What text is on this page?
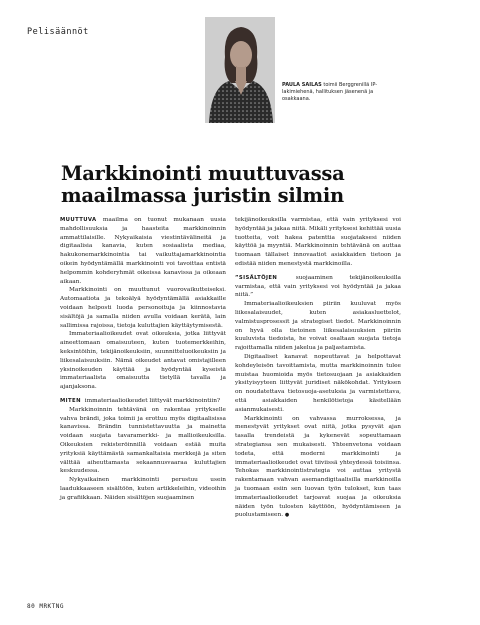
Pelisäännöt
PAULA SAILAS toimii Berggrenillä IP-lakimiehenä, hallituksen jäsenenä ja osakkaana.
Markkinointi muuttuvassa maailmassa juristin silmin

MUUTTUVA maailma on tuonut mukanaan uusia mahdollisuuksia ja haasteita markkinoinnin ammattilaisille. Nykyaikaisia viestintävälineitä ja digitaalisia kanavia, kuten sosiaalista mediaa, hakukonemarkkinointia tai vaikuttajamarkkinointia oikein hyödyntämällä markkinointi voi tavoittaa entistä helpommin kohderyhmät oikeissa kanavissa ja oikeaan aikaan.

Markkinointi on muuttunut vuorovaikutteiseksi. Automaatiota ja tekoälyä hyödyntämällä asiakkaille voidaan helposti luoda personoituja ja kiinnostavia sisältöjä ja samalla niiden avulla voidaan kerätä, lain sallimissa rajoissa, tietoja kuluttajien käyttäytymisestä.

Immateriaalioikeudet ovat oikeuksia, jotka liittyvät aineettomaan omaisuuteen, kuten tuotemerkkeihin, keksintöihin, tekijänoikeuksiin, suunnitteluoikeuksiin ja liikesalaisuuksiin. Nämä oikeudet antavat omistajilleen yksinoikeuden käyttää ja hyödyntää kyseistä immateriaalista omaisuutta tietyllä tavalla ja ajanjaksona.

MITEN immateriaalioikeudet liittyvät markkinointiin?

Markkinoinnin tehtävänä on rakentaa yritykselle vahva brändi, joka toimii ja erottuu myös digitaalisissa kanavissa. Brändin tunnistettavuutta ja mainetta voidaan suojata tavaramerkki- ja mallioikeuksilla. Oikeuksien rekisteröinnillä voidaan estää muita yrityksiä käyttämästä samankaltaisia merkkejä ja siten välttää aiheuttamasta sekaannusvaaraa kuluttajien keskuudessa.

Nykyaikainen markkinointi perustuu usein laadukkaaseen sisältöön, kuten artikkeleihin, videoihin ja grafiikkaan. Näiden sisältöjen suojaaminen

tekijänoikeuksilla varmistaa, että vain yrityksesi voi hyödyntää ja jakaa niitä. Mikäli yrityksesi kehittää uusia tuotteita, voit hakea patenttia suojataksesi niiden käyttöä ja myyntiä. Markkinoinnin tehtävänä on auttaa tuomaan tällaiset innovaatiot asiakkaiden tietoon ja edistää niiden menestystä markkinoilla.

”SISÄLTÖJEN	suojaaminen tekijänoikeuksilla varmistaa, että vain yrityksesi voi hyödyntää ja jakaa niitä.”

Immateriaalioikeuksien piiriin kuuluvat myös liikesalaisuudet, kuten asiakasluettelot, valmistusprosessit ja strategiset tiedot. Markkinoinnin on hyvä olla tietoinen liikesalaisuuksien piiriin kuuluvista tiedoista, he voivat osaltaan suojata tietoja rajoittamalla niiden jakelua ja paljastamista.

Digitaaliset kanavat nopeuttavat ja helpottavat kohdeyleisön tavoittamista, mutta markkinoinnin tulee muistaa huomioida myös tietosuojaan ja asiakkaiden yksityisyyteen liittyvät juridiset näkökohdat. Yrityksen on noudatettava tietosuoja-asetuksia ja varmistettava, että asiakkaiden henkilötietoja käsitellään asianmukaisesti.

Markkinointi on vahvassa murroksessa, ja menestyvät yritykset ovat niitä, jotka pysyvät ajan tasalla trendeistä ja kykenevät sopeuttamaan strategiansa sen mukaisesti. Yhteenvetona voidaan todeta, että moderni markkinointi ja immateriaalioikeudet ovat tiiviissä yhteydessä toisiinsa. Tehokas markkinointistrategia voi auttaa yritystä rakentamaan vahvan asemandigitaalisilla markkinoilla ja tuomaan esiin sen luovan työn tulokset, kun taas immateriaalioikeudet tarjoavat suojaa ja oikeuksia näiden työn tulosten käyttöön, hyödyntämiseen ja puolustamiseen. ●

80 MRKTNG
